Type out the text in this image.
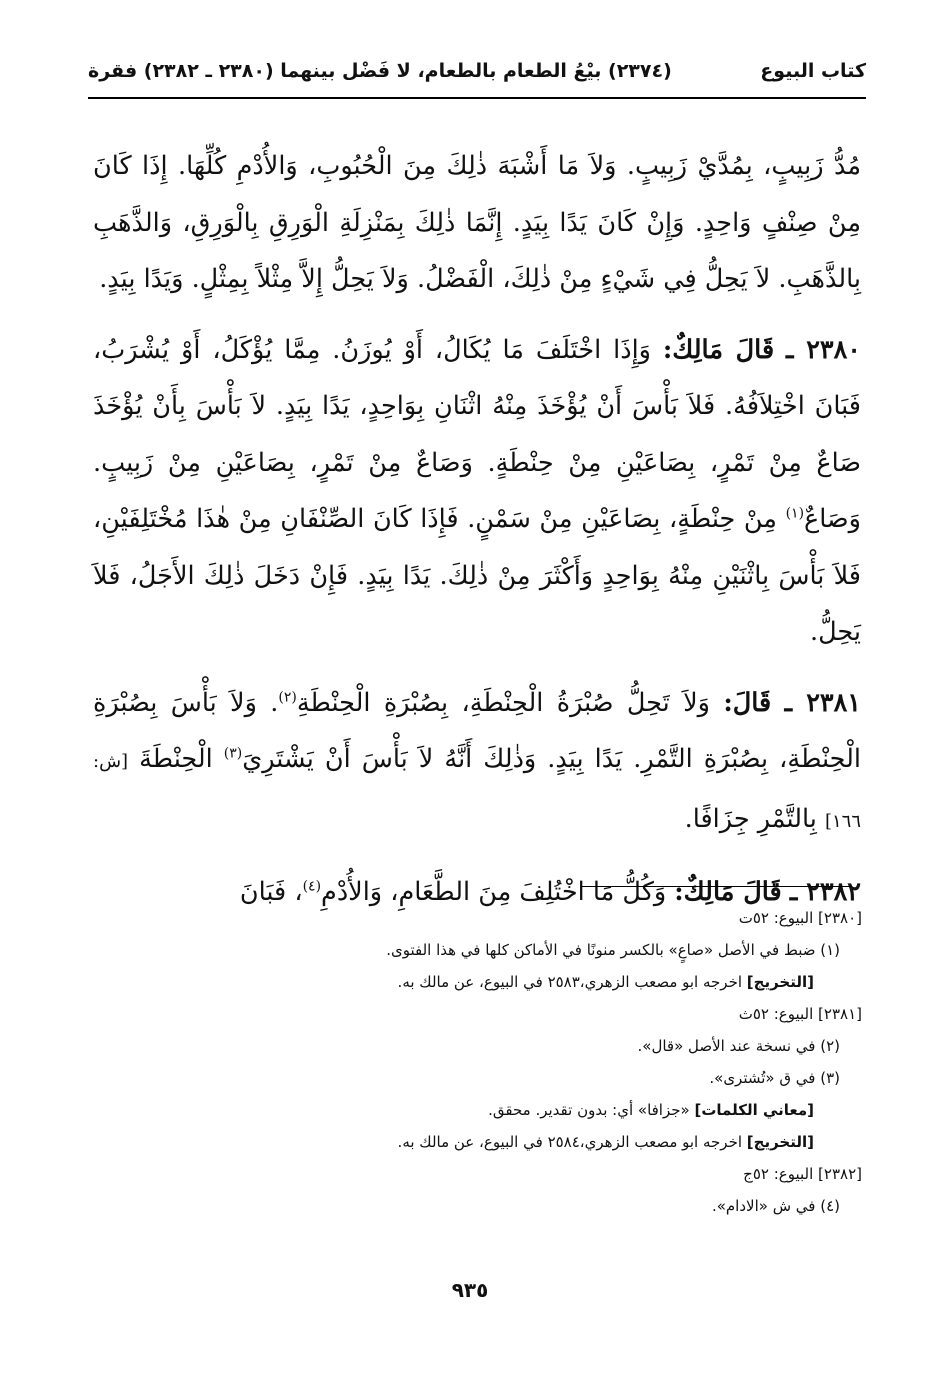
كتاب البيوع
(٢٣٧٤) بيْعُ الطعام بالطعام، لا فَضْل بينهما (٢٣٨٠ ـ ٢٣٨٢) فقرة

مُدُّ زَبِيبٍ، بِمُدَّيْ زَبِيبٍ. وَلاَ مَا أَشْبَهَ ذٰلِكَ مِنَ الْحُبُوبِ، وَالأُدْمِ كُلِّهَا. إِذَا كَانَ مِنْ صِنْفٍ وَاحِدٍ. وَإِنْ كَانَ يَدًا بِيَدٍ. إِنَّمَا ذٰلِكَ بِمَنْزِلَةِ الْوَرِقِ بِالْوَرِقِ، وَالذَّهَبِ بِالذَّهَبِ. لاَ يَحِلُّ فِي شَيْءٍ مِنْ ذٰلِكَ، الْفَضْلُ. وَلاَ يَحِلُّ إِلاَّ مِثْلاً بِمِثْلٍ. وَيَدًا بِيَدٍ.

٢٣٨٠ ـ قَالَ مَالِكٌ: وَإِذَا اخْتَلَفَ مَا يُكَالُ، أَوْ يُوزَنُ. مِمَّا يُؤْكَلُ، أَوْ يُشْرَبُ، فَبَانَ اخْتِلاَفُهُ. فَلاَ بَأْسَ أَنْ يُؤْخَذَ مِنْهُ اثْنَانِ بِوَاحِدٍ، يَدًا بِيَدٍ. لاَ بَأْسَ بِأَنْ يُؤْخَذَ صَاعٌ مِنْ تَمْرٍ، بِصَاعَيْنِ مِنْ حِنْطَةٍ. وَصَاعٌ مِنْ تَمْرٍ، بِصَاعَيْنِ مِنْ زَبِيبٍ. وَصَاعٌ$^{(١)}$ مِنْ حِنْطَةٍ، بِصَاعَيْنِ مِنْ سَمْنٍ. فَإِذَا كَانَ الصِّنْفَانِ مِنْ هٰذَا مُخْتَلِفَيْنِ، فَلاَ بَأْسَ بِاثْنَيْنِ مِنْهُ بِوَاحِدٍ وَأَكْثَرَ مِنْ ذٰلِكَ. يَدًا بِيَدٍ. فَإِنْ دَخَلَ ذٰلِكَ الأَجَلُ، فَلاَ يَحِلُّ.

٢٣٨١ ـ قَالَ: وَلاَ تَحِلُّ صُبْرَةُ الْحِنْطَةِ، بِصُبْرَةِ الْحِنْطَةِ$^{(٢)}$. وَلاَ بَأْسَ بِصُبْرَةِ الْحِنْطَةِ، بِصُبْرَةِ التَّمْرِ. يَدًا بِيَدٍ. وَذٰلِكَ أَنَّهُ لاَ بَأْسَ أَنْ يَشْتَرِيَ$^{(٣)}$ الْحِنْطَةَ [ش: ١٦٦] بِالتَّمْرِ جِزَافًا.

٢٣٨٢ ـ قَالَ مَالِكٌ: وَكُلُّ مَا اخْتُلِفَ مِنَ الطَّعَامِ، وَالأُدْمِ$^{(٤)}$، فَبَانَ

[٢٣٨٠] البيوع: ٥٢ت
(١) ضبط في الأصل «صاعٍ» بالكسر منونًا في الأماكن كلها في هذا الفتوى.
[التخريج] اخرجه ابو مصعب الزهري،٢٥٨٣ في البيوع، عن مالك به.
[٢٣٨١] البيوع: ٥٢ث
(٢) في نسخة عند الأصل «قال».
(٣) في ق «تُشترى».
[معاني الكلمات] «جزافا» أي: بدون تقدير. محقق.
[التخريج] اخرجه ابو مصعب الزهري،٢٥٨٤ في البيوع، عن مالك به.
[٢٣٨٢] البيوع: ٥٢ج
(٤) في ش «الادام».
٩٣٥
